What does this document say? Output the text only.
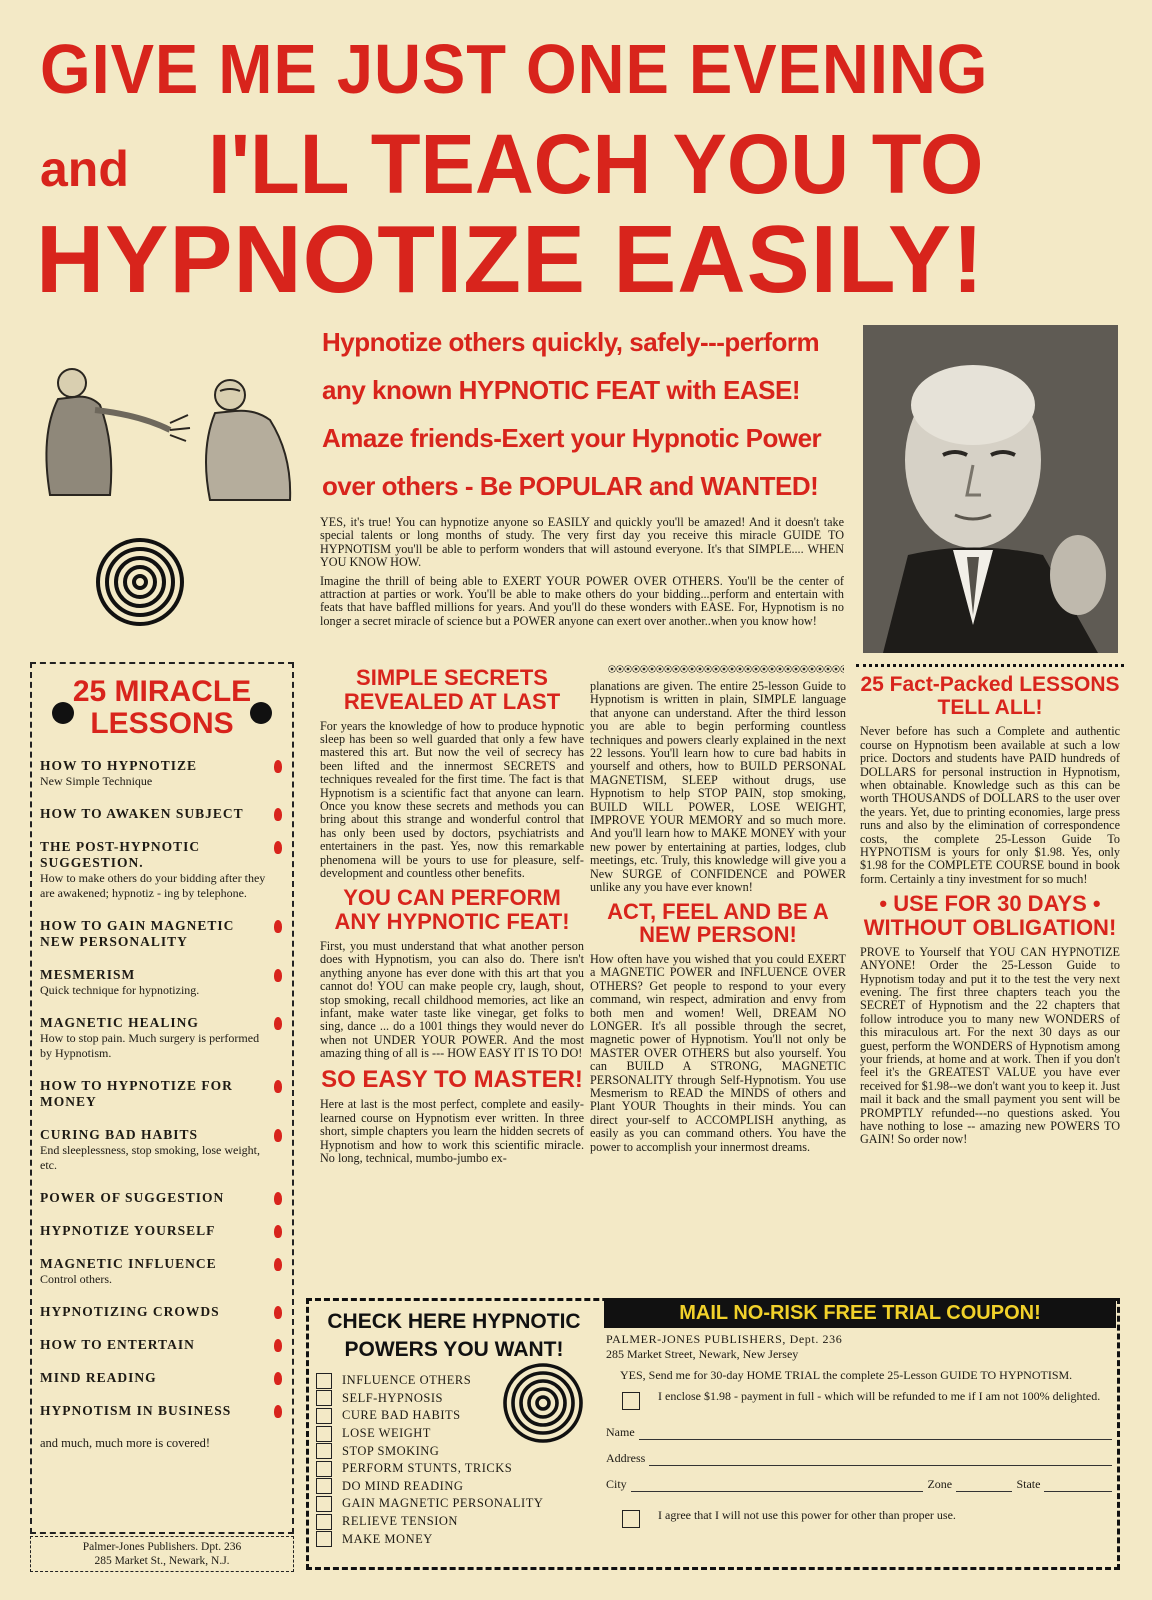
GIVE ME JUST ONE EVENING
and I'LL TEACH YOU TO
HYPNOTIZE EASILY!
Hypnotize others quickly, safely---perform
any known HYPNOTIC FEAT with EASE!
Amaze friends-Exert your Hypnotic Power
over others - Be POPULAR and WANTED!

YES, it's true! You can hypnotize anyone so EASILY and quickly you'll be amazed! And it doesn't take special talents or long months of study. The very first day you receive this miracle GUIDE TO HYPNOTISM you'll be able to perform wonders that will astound everyone. It's that SIMPLE.... WHEN YOU KNOW HOW.

Imagine the thrill of being able to EXERT YOUR POWER OVER OTHERS. You'll be the center of attraction at parties or work. You'll be able to make others do your bidding...perform and entertain with feats that have baffled millions for years. And you'll do these wonders with EASE. For, Hypnotism is no longer a secret miracle of science but a POWER anyone can exert over another..when you know how!

25 MIRACLE
LESSONS
HOW TO HYPNOTIZE
New Simple Technique
HOW TO AWAKEN SUBJECT
THE POST-HYPNOTIC SUGGESTION.
How to make others do your bidding after they are awakened; hypnotiz - ing by telephone.
HOW TO GAIN MAGNETIC NEW PERSONALITY
MESMERISM
Quick technique for hypnotizing.
MAGNETIC HEALING
How to stop pain. Much surgery is performed by Hypnotism.
HOW TO HYPNOTIZE FOR MONEY
CURING BAD HABITS
End sleeplessness, stop smoking, lose weight, etc.
POWER OF SUGGESTION
HYPNOTIZE YOURSELF
MAGNETIC INFLUENCE
Control others.
HYPNOTIZING CROWDS
HOW TO ENTERTAIN
MIND READING
HYPNOTISM IN BUSINESS
and much, much more is covered!
Palmer-Jones Publishers. Dpt. 236
285 Market St., Newark, N.J.
SIMPLE SECRETS REVEALED AT LAST

For years the knowledge of how to produce hypnotic sleep has been so well guarded that only a few have mastered this art. But now the veil of secrecy has been lifted and the innermost SECRETS and techniques revealed for the first time. The fact is that Hypnotism is a scientific fact that anyone can learn. Once you know these secrets and methods you can bring about this strange and wonderful control that has only been used by doctors, psychiatrists and entertainers in the past. Yes, now this remarkable phenomena will be yours to use for pleasure, self-development and countless other benefits.

YOU CAN PERFORM ANY HYPNOTIC FEAT!

First, you must understand that what another person does with Hypnotism, you can also do. There isn't anything anyone has ever done with this art that you cannot do! YOU can make people cry, laugh, shout, stop smoking, recall childhood memories, act like an infant, make water taste like vinegar, get folks to sing, dance ... do a 1001 things they would never do when not UNDER YOUR POWER. And the most amazing thing of all is --- HOW EASY IT IS TO DO!

SO EASY TO MASTER!

Here at last is the most perfect, complete and easily-learned course on Hypnotism ever written. In three short, simple chapters you learn the hidden secrets of Hypnotism and how to work this scientific miracle. No long, technical, mumbo-jumbo ex-

planations are given. The entire 25-lesson Guide to Hypnotism is written in plain, SIMPLE language that anyone can understand. After the third lesson you are able to begin performing countless techniques and powers clearly explained in the next 22 lessons. You'll learn how to cure bad habits in yourself and others, how to BUILD PERSONAL MAGNETISM, SLEEP without drugs, use Hypnotism to help STOP PAIN, stop smoking, BUILD WILL POWER, LOSE WEIGHT, IMPROVE YOUR MEMORY and so much more. And you'll learn how to MAKE MONEY with your new power by entertaining at parties, lodges, club meetings, etc. Truly, this knowledge will give you a New SURGE of CONFIDENCE and POWER unlike any you have ever known!

ACT, FEEL AND BE A NEW PERSON!

How often have you wished that you could EXERT a MAGNETIC POWER and INFLUENCE OVER OTHERS? Get people to respond to your every command, win respect, admiration and envy from both men and women! Well, DREAM NO LONGER. It's all possible through the secret, magnetic power of Hypnotism. You'll not only be MASTER OVER OTHERS but also yourself. You can BUILD A STRONG, MAGNETIC PERSONALITY through Self-Hypnotism. You use Mesmerism to READ the MINDS of others and Plant YOUR Thoughts in their minds. You can direct your-self to ACCOMPLISH anything, as easily as you can command others. You have the power to accomplish your innermost dreams.

25 Fact-Packed LESSONS TELL ALL!

Never before has such a Complete and authentic course on Hypnotism been available at such a low price. Doctors and students have PAID hundreds of DOLLARS for personal instruction in Hypnotism, when obtainable. Knowledge such as this can be worth THOUSANDS of DOLLARS to the user over the years. Yet, due to printing economies, large press runs and also by the elimination of correspondence costs, the complete 25-Lesson Guide To HYPNOTISM is yours for only $1.98. Yes, only $1.98 for the COMPLETE COURSE bound in book form. Certainly a tiny investment for so much!

• USE FOR 30 DAYS • WITHOUT OBLIGATION!

PROVE to Yourself that YOU CAN HYPNOTIZE ANYONE! Order the 25-Lesson Guide to Hypnotism today and put it to the test the very next evening. The first three chapters teach you the SECRET of Hypnotism and the 22 chapters that follow introduce you to many new WONDERS of this miraculous art. For the next 30 days as our guest, perform the WONDERS of Hypnotism among your friends, at home and at work. Then if you don't feel it's the GREATEST VALUE you have ever received for $1.98--we don't want you to keep it. Just mail it back and the small payment you sent will be PROMPTLY refunded---no questions asked. You have nothing to lose -- amazing new POWERS TO GAIN! So order now!

CHECK HERE HYPNOTIC
POWERS YOU WANT!
INFLUENCE OTHERS
SELF-HYPNOSIS
CURE BAD HABITS
LOSE WEIGHT
STOP SMOKING
PERFORM STUNTS, TRICKS
DO MIND READING
GAIN MAGNETIC PERSONALITY
RELIEVE TENSION
MAKE MONEY
MAIL NO-RISK FREE TRIAL COUPON!
PALMER-JONES PUBLISHERS, Dept. 236
285 Market Street, Newark, New Jersey
YES, Send me for 30-day HOME TRIAL the complete 25-Lesson GUIDE TO HYPNOTISM.
I enclose $1.98 - payment in full - which will be refunded to me if I am not 100% delighted.
Name
Address
City	Zone	State
I agree that I will not use this power for other than proper use.
